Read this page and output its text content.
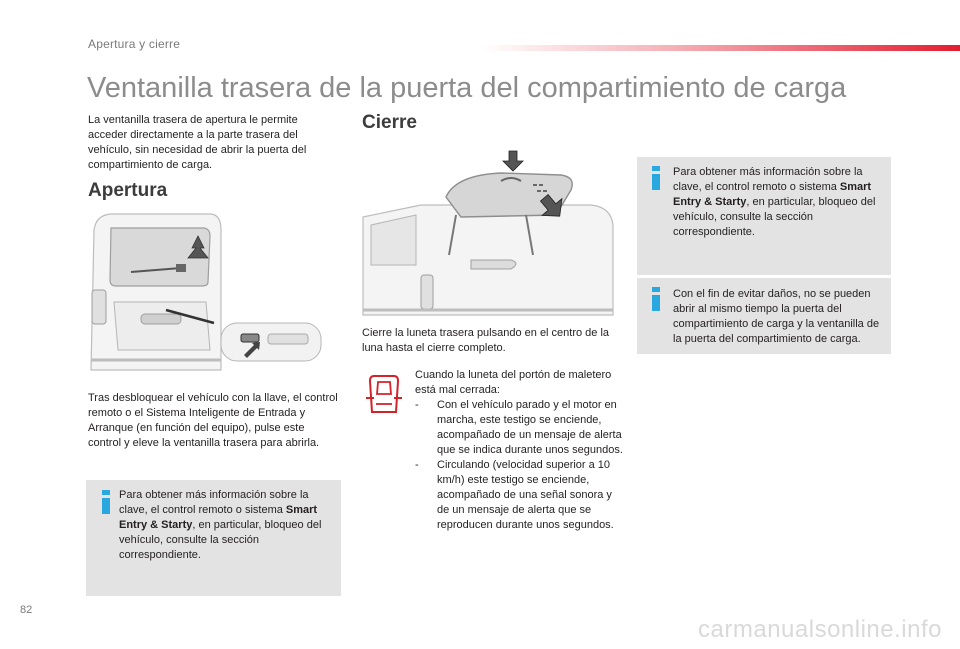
Apertura y cierre
Ventanilla trasera de la puerta del compartimiento de carga
La ventanilla trasera de apertura le permite acceder directamente a la parte trasera del vehículo, sin necesidad de abrir la puerta del compartimiento de carga.
Apertura
Tras desbloquear el vehículo con la llave, el control remoto o el Sistema Inteligente de Entrada y Arranque (en función del equipo), pulse este control y eleve la ventanilla trasera para abrirla.
Para obtener más información sobre la clave, el control remoto o sistema Smart Entry & Starty, en particular, bloqueo del vehículo, consulte la sección correspondiente.
Cierre
Cierre la luneta trasera pulsando en el centro de la luna hasta el cierre completo.
Cuando la luneta del portón de maletero está mal cerrada:
- Con el vehículo parado y el motor en marcha, este testigo se enciende, acompañado de un mensaje de alerta que se indica durante unos segundos.
- Circulando (velocidad superior a 10 km/h) este testigo se enciende, acompañado de una señal sonora y de un mensaje de alerta que se reproducen durante unos segundos.
Para obtener más información sobre la clave, el control remoto o sistema Smart Entry & Starty, en particular, bloqueo del vehículo, consulte la sección correspondiente.
Con el fin de evitar daños, no se pueden abrir al mismo tiempo la puerta del compartimiento de carga y la ventanilla de la puerta del compartimiento de carga.
82
carmanualsonline.info
